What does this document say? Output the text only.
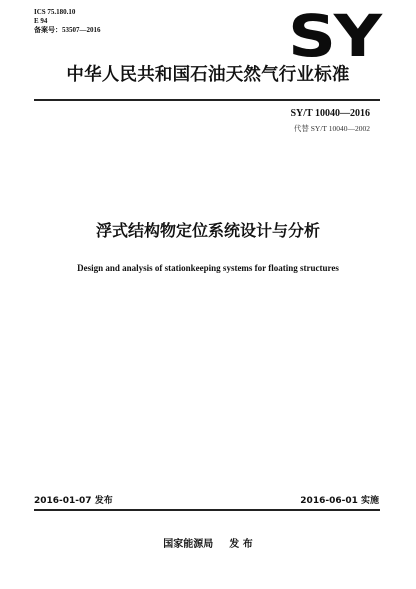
ICS 75.180.10
E 94
备案号：53507—2016	SY
中华人民共和国石油天然气行业标准
SY/T 10040—2016
代替 SY/T 10040—2002
浮式结构物定位系统设计与分析
Design and analysis of stationkeeping systems for floating structures
2016-01-07 发布	2016-06-01 实施
国家能源局 发 布
